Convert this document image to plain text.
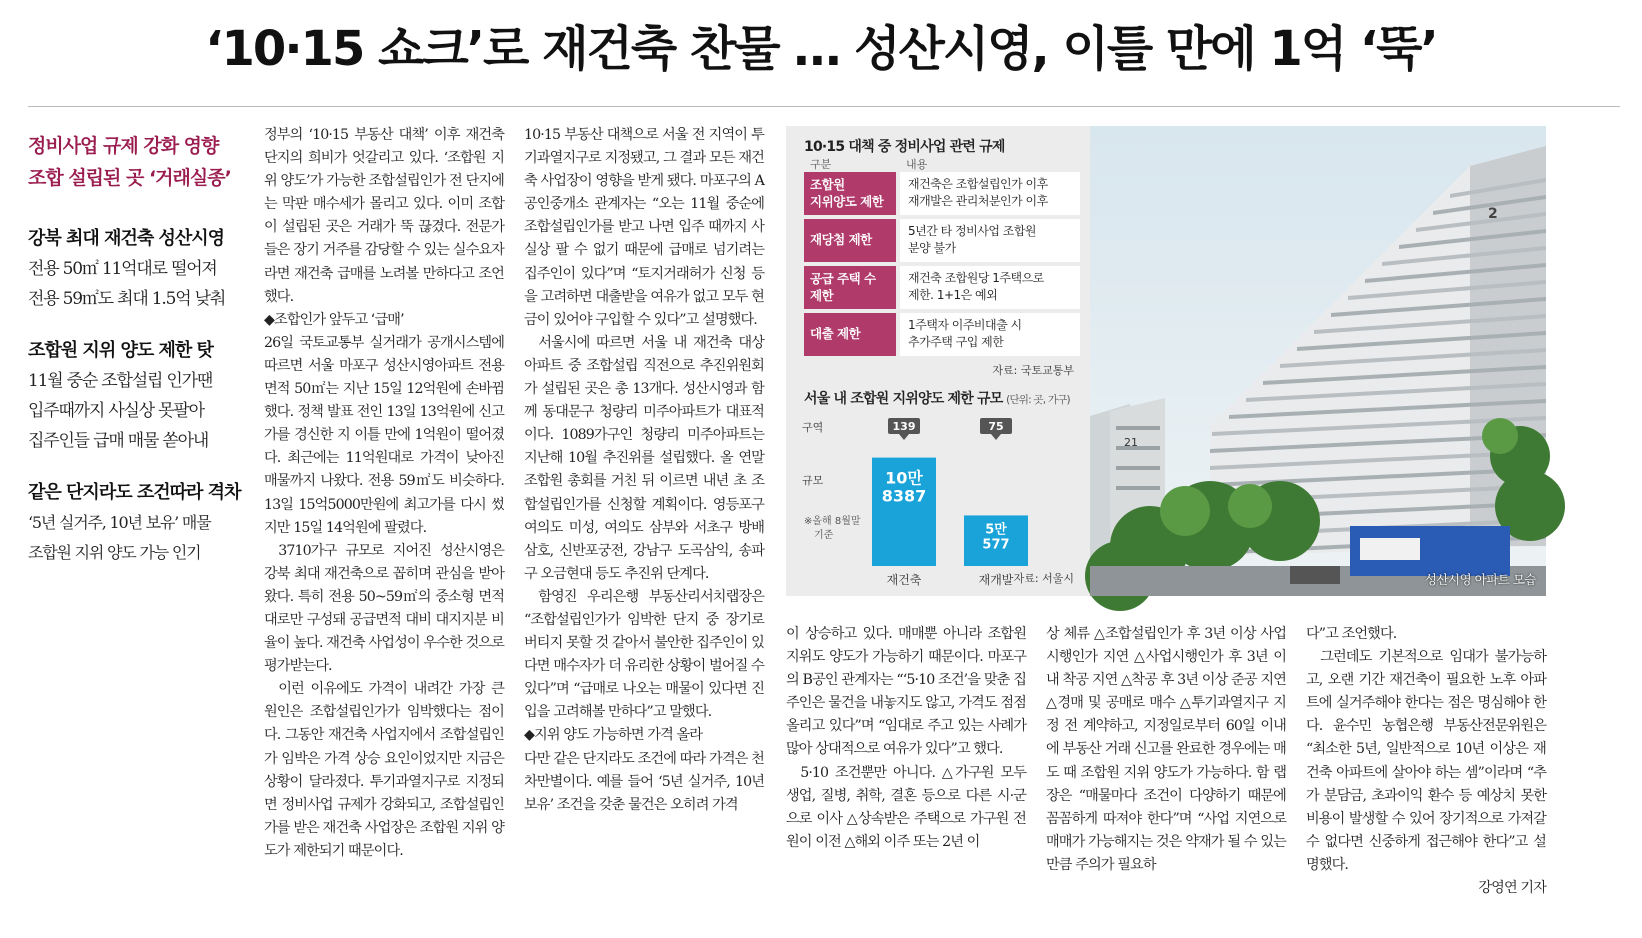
‘10·15 쇼크’로 재건축 찬물 … 성산시영, 이틀 만에 1억 ‘뚝’
정비사업 규제 강화 영향
조합 설립된 곳 ‘거래실종’
강북 최대 재건축 성산시영
전용 50㎡ 11억대로 떨어져
전용 59㎡도 최대 1.5억 낮춰
조합원 지위 양도 제한 탓
11월 중순 조합설립 인가땐
입주때까지 사실상 못팔아
집주인들 급매 매물 쏟아내
같은 단지라도 조건따라 격차
‘5년 실거주, 10년 보유’ 매물
조합원 지위 양도 가능 인기

정부의 ‘10·15 부동산 대책’ 이후 재건축 단지의 희비가 엇갈리고 있다. ‘조합원 지위 양도’가 가능한 조합설립인가 전 단지에는 막판 매수세가 몰리고 있다. 이미 조합이 설립된 곳은 거래가 뚝 끊겼다. 전문가들은 장기 거주를 감당할 수 있는 실수요자라면 재건축 급매를 노려볼 만하다고 조언했다.

◆조합인가 앞두고 ‘급매’

26일 국토교통부 실거래가 공개시스템에 따르면 서울 마포구 성산시영아파트 전용면적 50㎡는 지난 15일 12억원에 손바뀜했다. 정책 발표 전인 13일 13억원에 신고가를 경신한 지 이틀 만에 1억원이 떨어졌다. 최근에는 11억원대로 가격이 낮아진 매물까지 나왔다. 전용 59㎡도 비슷하다. 13일 15억5000만원에 최고가를 다시 썼지만 15일 14억원에 팔렸다.

3710가구 규모로 지어진 성산시영은 강북 최대 재건축으로 꼽히며 관심을 받아왔다. 특히 전용 50~59㎡의 중소형 면적대로만 구성돼 공급면적 대비 대지지분 비율이 높다. 재건축 사업성이 우수한 것으로 평가받는다.

이런 이유에도 가격이 내려간 가장 큰 원인은 조합설립인가가 임박했다는 점이다. 그동안 재건축 사업지에서 조합설립인가 임박은 가격 상승 요인이었지만 지금은 상황이 달라졌다. 투기과열지구로 지정되면 정비사업 규제가 강화되고, 조합설립인가를 받은 재건축 사업장은 조합원 지위 양도가 제한되기 때문이다.

10·15 부동산 대책으로 서울 전 지역이 투기과열지구로 지정됐고, 그 결과 모든 재건축 사업장이 영향을 받게 됐다. 마포구의 A공인중개소 관계자는 “오는 11월 중순에 조합설립인가를 받고 나면 입주 때까지 사실상 팔 수 없기 때문에 급매로 넘기려는 집주인이 있다”며 “토지거래허가 신청 등을 고려하면 대출받을 여유가 없고 모두 현금이 있어야 구입할 수 있다”고 설명했다.

서울시에 따르면 서울 내 재건축 대상 아파트 중 조합설립 직전으로 추진위원회가 설립된 곳은 총 13개다. 성산시영과 함께 동대문구 청량리 미주아파트가 대표적이다. 1089가구인 청량리 미주아파트는 지난해 10월 추진위를 설립했다. 올 연말 조합원 총회를 거친 뒤 이르면 내년 초 조합설립인가를 신청할 계획이다. 영등포구 여의도 미성, 여의도 삼부와 서초구 방배 삼호, 신반포궁전, 강남구 도곡삼익, 송파구 오금현대 등도 추진위 단계다.

함영진 우리은행 부동산리서치랩장은 “조합설립인가가 임박한 단지 중 장기로 버티지 못할 것 같아서 불안한 집주인이 있다면 매수자가 더 유리한 상황이 벌어질 수 있다”며 “급매로 나오는 매물이 있다면 진입을 고려해볼 만하다”고 말했다.

◆지위 양도 가능하면 가격 올라

다만 같은 단지라도 조건에 따라 가격은 천차만별이다. 예를 들어 ‘5년 실거주, 10년 보유’ 조건을 갖춘 물건은 오히려 가격

이 상승하고 있다. 매매뿐 아니라 조합원 지위도 양도가 가능하기 때문이다. 마포구의 B공인 관계자는 “‘5·10 조건’을 맞춘 집주인은 물건을 내놓지도 않고, 가격도 점점 올리고 있다”며 “임대로 주고 있는 사례가 많아 상대적으로 여유가 있다”고 했다.

5·10 조건뿐만 아니다. △가구원 모두 생업, 질병, 취학, 결혼 등으로 다른 시·군으로 이사 △상속받은 주택으로 가구원 전원이 이전 △해외 이주 또는 2년 이

상 체류 △조합설립인가 후 3년 이상 사업시행인가 지연 △사업시행인가 후 3년 이내 착공 지연 △착공 후 3년 이상 준공 지연 △경매 및 공매로 매수 △투기과열지구 지정 전 계약하고, 지정일로부터 60일 이내에 부동산 거래 신고를 완료한 경우에는 매도 때 조합원 지위 양도가 가능하다. 함 랩장은 “매물마다 조건이 다양하기 때문에 꼼꼼하게 따져야 한다”며 “사업 지연으로 매매가 가능해지는 것은 약재가 될 수 있는 만큼 주의가 필요하

다”고 조언했다.

그런데도 기본적으로 임대가 불가능하고, 오랜 기간 재건축이 필요한 노후 아파트에 실거주해야 한다는 점은 명심해야 한다. 윤수민 농협은행 부동산전문위원은 “최소한 5년, 일반적으로 10년 이상은 재건축 아파트에 살아야 하는 셈”이라며 “추가 분담금, 초과이익 환수 등 예상치 못한 비용이 발생할 수 있어 장기적으로 가져갈 수 없다면 신중하게 접근해야 한다”고 설명했다.

강영연 기자
10·15 대책 중 정비사업 관련 규제
구분	내용
조합원
지위양도 제한
재건축은 조합설립인가 이후
재개발은 관리처분인가 이후
재당첨 제한
5년간 타 정비사업 조합원
분양 불가
공급 주택 수
제한
재건축 조합원당 1주택으로
제한. 1+1은 예외
대출 제한
1주택자 이주비대출 시
추가주택 구입 제한
자료: 국토교통부
서울 내 조합원 지위양도 제한 규모 (단위: 곳, 가구)
구역
규모
※올해 8월말
기준
139
10만
8387
재건축
75
5만
577
재개발 자료: 서울시
21
2
성산시영 아파트 모습
